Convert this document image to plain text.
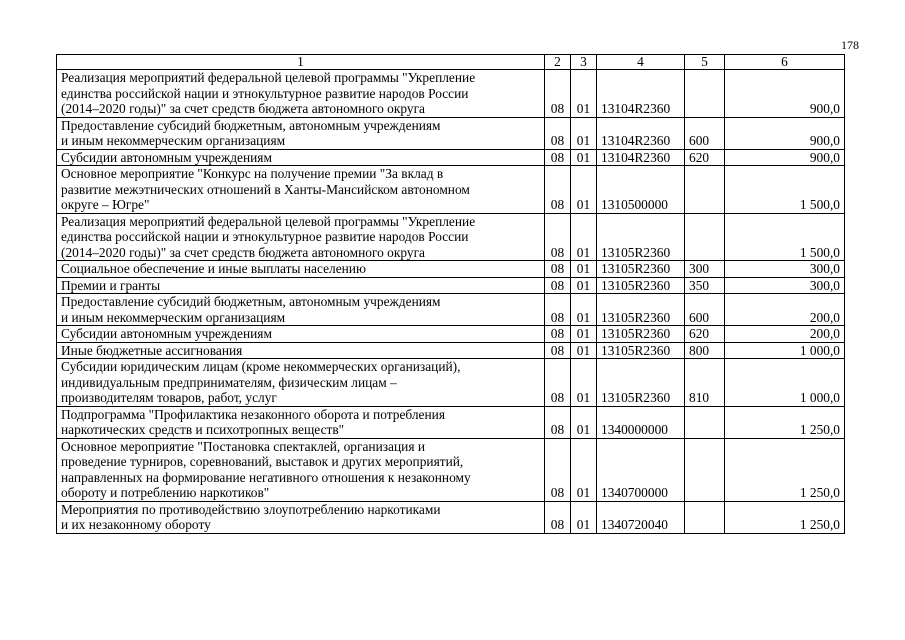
178
1	2	3	4	5	6
Реализация мероприятий федеральной целевой программы "Укрепление
единства российской нации и этнокультурное развитие народов России
(2014–2020 годы)" за счет средств бюджета автономного округа	08	01	13104R2360		900,0
Предоставление субсидий бюджетным, автономным учреждениям
и иным некоммерческим организациям	08	01	13104R2360	600	900,0
Субсидии автономным учреждениям	08	01	13104R2360	620	900,0
Основное мероприятие "Конкурс на получение премии "За вклад в
развитие межэтнических отношений в Ханты-Мансийском автономном
округе – Югре"	08	01	1310500000		1 500,0
Реализация мероприятий федеральной целевой программы "Укрепление
единства российской нации и этнокультурное развитие народов России
(2014–2020 годы)" за счет средств бюджета автономного округа	08	01	13105R2360		1 500,0
Социальное обеспечение и иные выплаты населению	08	01	13105R2360	300	300,0
Премии и гранты	08	01	13105R2360	350	300,0
Предоставление субсидий бюджетным, автономным учреждениям
и иным некоммерческим организациям	08	01	13105R2360	600	200,0
Субсидии автономным учреждениям	08	01	13105R2360	620	200,0
Иные бюджетные ассигнования	08	01	13105R2360	800	1 000,0
Субсидии юридическим лицам (кроме некоммерческих организаций),
индивидуальным предпринимателям, физическим лицам –
производителям товаров, работ, услуг	08	01	13105R2360	810	1 000,0
Подпрограмма "Профилактика незаконного оборота и потребления
наркотических средств и психотропных веществ"	08	01	1340000000		1 250,0
Основное мероприятие "Постановка спектаклей, организация и
проведение турниров, соревнований, выставок и других мероприятий,
направленных на формирование негативного отношения к незаконному
обороту и потреблению наркотиков"	08	01	1340700000		1 250,0
Мероприятия по противодействию злоупотреблению наркотиками
и их незаконному обороту	08	01	1340720040		1 250,0
